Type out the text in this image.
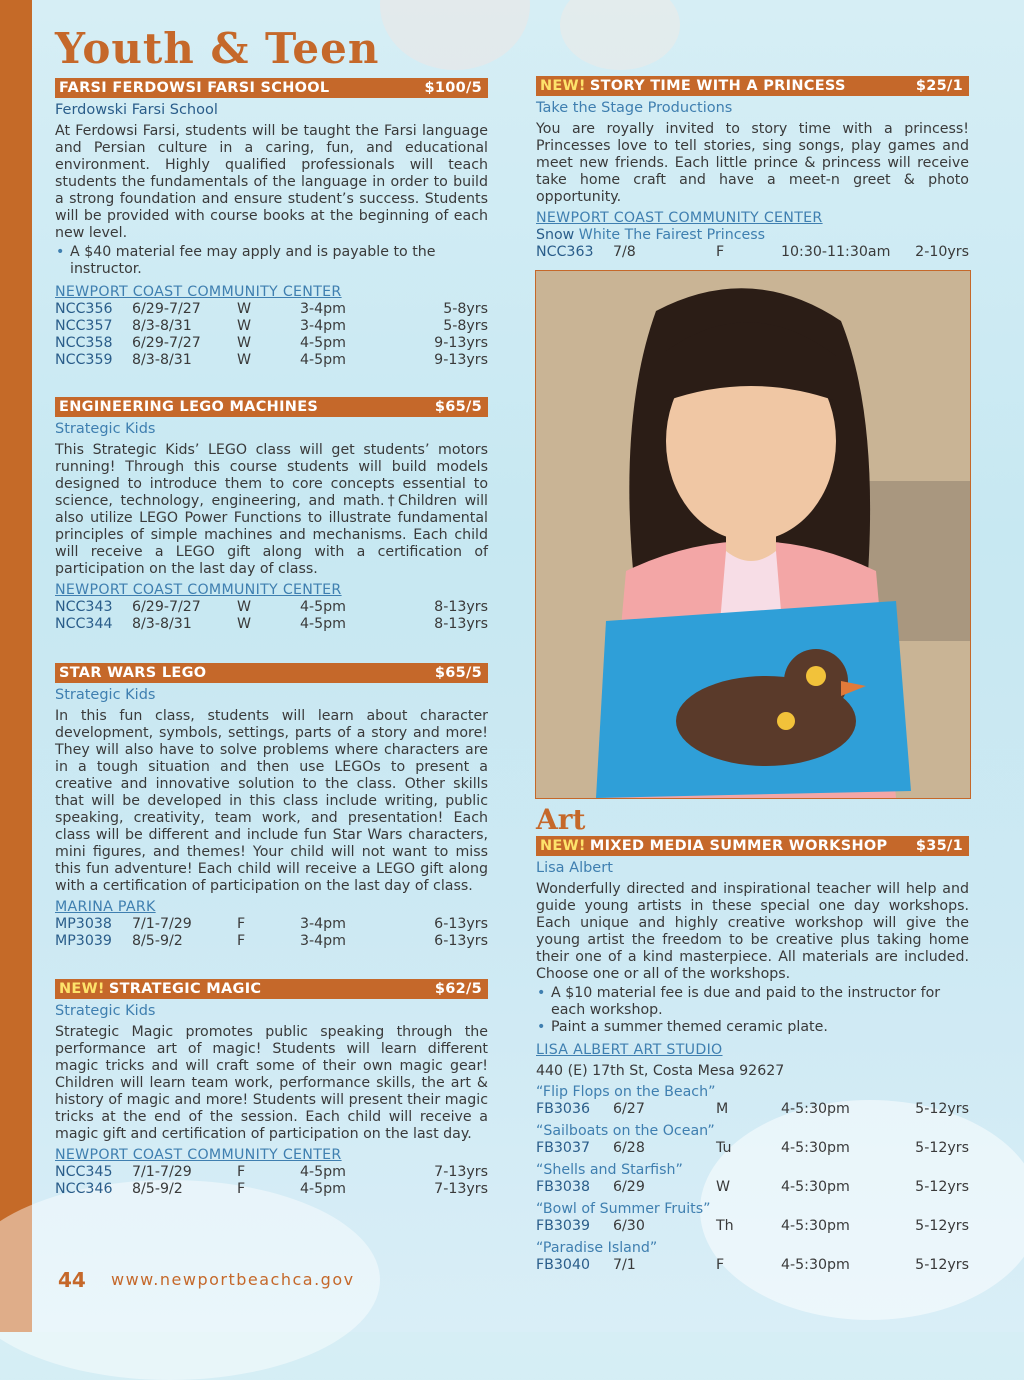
Youth & Teen
FARSI FERDOWSI FARSI SCHOOL	$100/5
Ferdowski Farsi School
At Ferdowsi Farsi, students will be taught the Farsi language and Persian culture in a caring, fun, and educational environment. Highly qualified professionals will teach students the fundamentals of the language in order to build a strong foundation and ensure student’s success. Students will be provided with course books at the beginning of each new level.
• A $40 material fee may apply and is payable to the instructor.
NEWPORT COAST COMMUNITY CENTER
NCC356	6/29-7/27	W	3-4pm	5-8yrs
NCC357	8/3-8/31	W	3-4pm	5-8yrs
NCC358	6/29-7/27	W	4-5pm	9-13yrs
NCC359	8/3-8/31	W	4-5pm	9-13yrs
ENGINEERING LEGO MACHINES	$65/5
Strategic Kids
This Strategic Kids’ LEGO class will get students’ motors running! Through this course students will build models designed to introduce them to core concepts essential to science, technology, engineering, and math.†Children will also utilize LEGO Power Functions to illustrate fundamental principles of simple machines and mechanisms. Each child will receive a LEGO gift along with a certification of participation on the last day of class.
NEWPORT COAST COMMUNITY CENTER
NCC343	6/29-7/27	W	4-5pm	8-13yrs
NCC344	8/3-8/31	W	4-5pm	8-13yrs
STAR WARS LEGO	$65/5
Strategic Kids
In this fun class, students will learn about character development, symbols, settings, parts of a story and more! They will also have to solve problems where characters are in a tough situation and then use LEGOs to present a creative and innovative solution to the class. Other skills that will be developed in this class include writing, public speaking, creativity, team work, and presentation! Each class will be different and include fun Star Wars characters, mini figures, and themes! Your child will not want to miss this fun adventure! Each child will receive a LEGO gift along with a certification of participation on the last day of class.
MARINA PARK
MP3038	7/1-7/29	F	3-4pm	6-13yrs
MP3039	8/5-9/2	F	3-4pm	6-13yrs
NEW! STRATEGIC MAGIC	$62/5
Strategic Kids
Strategic Magic promotes public speaking through the performance art of magic! Students will learn different magic tricks and will craft some of their own magic gear! Children will learn team work, performance skills, the art & history of magic and more! Students will present their magic tricks at the end of the session. Each child will receive a magic gift and certification of participation on the last day.
NEWPORT COAST COMMUNITY CENTER
NCC345	7/1-7/29	F	4-5pm	7-13yrs
NCC346	8/5-9/2	F	4-5pm	7-13yrs
NEW! STORY TIME WITH A PRINCESS	$25/1
Take the Stage Productions
You are royally invited to story time with a princess! Princesses love to tell stories, sing songs, play games and meet new friends. Each little prince & princess will receive take home craft and have a meet-n greet & photo opportunity.
NEWPORT COAST COMMUNITY CENTER
Snow White The Fairest Princess
NCC363	7/8	F	10:30-11:30am	2-10yrs
Art
NEW! MIXED MEDIA SUMMER WORKSHOP $35/1
Lisa Albert
Wonderfully directed and inspirational teacher will help and guide young artists in these special one day workshops. Each unique and highly creative workshop will give the young artist the freedom to be creative plus taking home their one of a kind masterpiece. All materials are included. Choose one or all of the workshops.
• A $10 material fee is due and paid to the instructor for each workshop.
• Paint a summer themed ceramic plate.
LISA ALBERT ART STUDIO
440 (E) 17th St, Costa Mesa 92627
“Flip Flops on the Beach”
FB3036	6/27	M	4-5:30pm	5-12yrs
“Sailboats on the Ocean”
FB3037	6/28	Tu	4-5:30pm	5-12yrs
“Shells and Starfish”
FB3038	6/29	W	4-5:30pm	5-12yrs
“Bowl of Summer Fruits”
FB3039	6/30	Th	4-5:30pm	5-12yrs
“Paradise Island”
FB3040	7/1	F	4-5:30pm	5-12yrs
44 www.newportbeachca.gov
